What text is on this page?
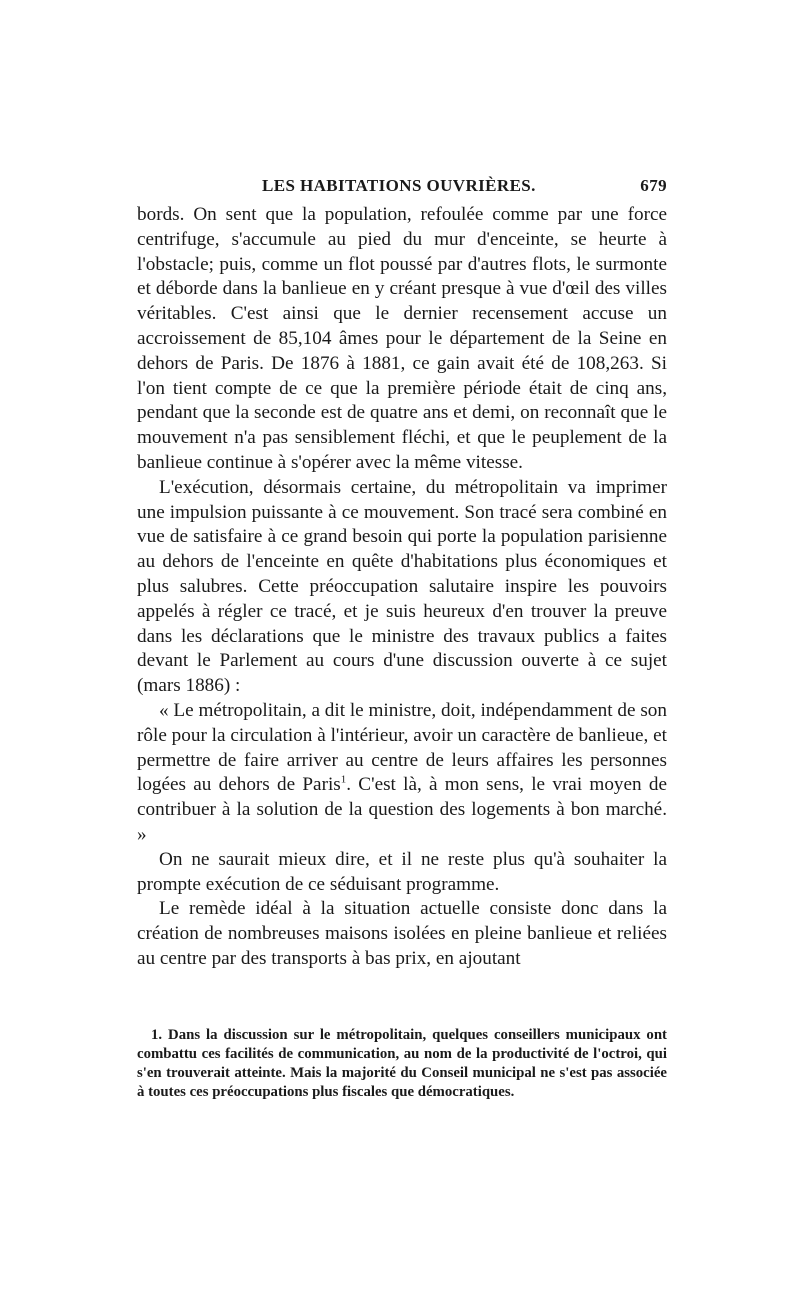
LES HABITATIONS OUVRIÈRES.	679

bords. On sent que la population, refoulée comme par une force centrifuge, s'accumule au pied du mur d'enceinte, se heurte à l'obstacle; puis, comme un flot poussé par d'autres flots, le surmonte et déborde dans la banlieue en y créant presque à vue d'œil des villes véritables. C'est ainsi que le dernier recensement accuse un accroissement de 85,104 âmes pour le département de la Seine en dehors de Paris. De 1876 à 1881, ce gain avait été de 108,263. Si l'on tient compte de ce que la première période était de cinq ans, pendant que la seconde est de quatre ans et demi, on reconnaît que le mouvement n'a pas sensiblement fléchi, et que le peuplement de la banlieue continue à s'opérer avec la même vitesse.

L'exécution, désormais certaine, du métropolitain va imprimer une impulsion puissante à ce mouvement. Son tracé sera combiné en vue de satisfaire à ce grand besoin qui porte la population parisienne au dehors de l'enceinte en quête d'habitations plus économiques et plus salubres. Cette préoccupation salutaire inspire les pouvoirs appelés à régler ce tracé, et je suis heureux d'en trouver la preuve dans les déclarations que le ministre des travaux publics a faites devant le Parlement au cours d'une discussion ouverte à ce sujet (mars 1886) :

« Le métropolitain, a dit le ministre, doit, indépendamment de son rôle pour la circulation à l'intérieur, avoir un caractère de banlieue, et permettre de faire arriver au centre de leurs affaires les personnes logées au dehors de Paris$^1$. C'est là, à mon sens, le vrai moyen de contribuer à la solution de la question des logements à bon marché. »

On ne saurait mieux dire, et il ne reste plus qu'à souhaiter la prompte exécution de ce séduisant programme.

Le remède idéal à la situation actuelle consiste donc dans la création de nombreuses maisons isolées en pleine banlieue et reliées au centre par des transports à bas prix, en ajoutant

1. Dans la discussion sur le métropolitain, quelques conseillers municipaux ont combattu ces facilités de communication, au nom de la productivité de l'octroi, qui s'en trouverait atteinte. Mais la majorité du Conseil municipal ne s'est pas associée à toutes ces préoccupations plus fiscales que démocratiques.
